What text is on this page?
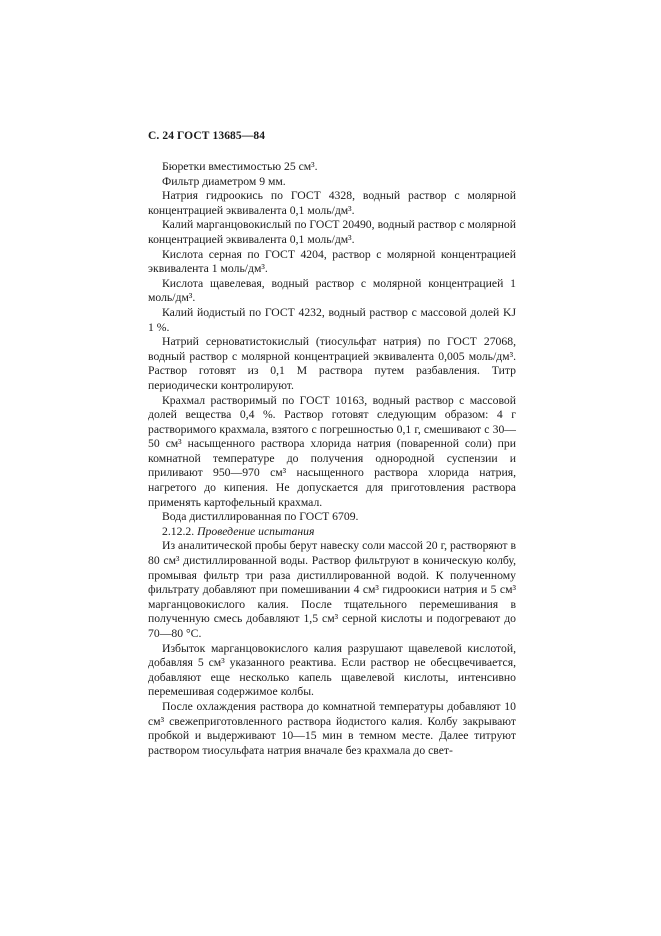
С. 24 ГОСТ 13685—84

Бюретки вместимостью 25 см³.

Фильтр диаметром 9 мм.

Натрия гидроокись по ГОСТ 4328, водный раствор с молярной концентрацией эквивалента 0,1 моль/дм³.

Калий марганцовокислый по ГОСТ 20490, водный раствор с молярной концентрацией эквивалента 0,1 моль/дм³.

Кислота серная по ГОСТ 4204, раствор с молярной концентрацией эквивалента 1 моль/дм³.

Кислота щавелевая, водный раствор с молярной концентрацией 1 моль/дм³.

Калий йодистый по ГОСТ 4232, водный раствор с массовой долей KJ 1 %.

Натрий серноватистокислый (тиосульфат натрия) по ГОСТ 27068, водный раствор с молярной концентрацией эквивалента 0,005 моль/дм³. Раствор готовят из 0,1 М раствора путем разбавления. Титр периодически контролируют.

Крахмал растворимый по ГОСТ 10163, водный раствор с массовой долей вещества 0,4 %. Раствор готовят следующим образом: 4 г растворимого крахмала, взятого с погрешностью 0,1 г, смешивают с 30—50 см³ насыщенного раствора хлорида натрия (поваренной соли) при комнатной температуре до получения однородной суспензии и приливают 950—970 см³ насыщенного раствора хлорида натрия, нагретого до кипения. Не допускается для приготовления раствора применять картофельный крахмал.

Вода дистиллированная по ГОСТ 6709.

2.12.2. Проведение испытания

Из аналитической пробы берут навеску соли массой 20 г, растворяют в 80 см³ дистиллированной воды. Раствор фильтруют в коническую колбу, промывая фильтр три раза дистиллированной водой. К полученному фильтрату добавляют при помешивании 4 см³ гидроокиси натрия и 5 см³ марганцовокислого калия. После тщательного перемешивания в полученную смесь добавляют 1,5 см³ серной кислоты и подогревают до 70—80 °С.

Избыток марганцовокислого калия разрушают щавелевой кислотой, добавляя 5 см³ указанного реактива. Если раствор не обесцвечивается, добавляют еще несколько капель щавелевой кислоты, интенсивно перемешивая содержимое колбы.

После охлаждения раствора до комнатной температуры добавляют 10 см³ свежеприготовленного раствора йодистого калия. Колбу закрывают пробкой и выдерживают 10—15 мин в темном месте. Далее титруют раствором тиосульфата натрия вначале без крахмала до свет-
